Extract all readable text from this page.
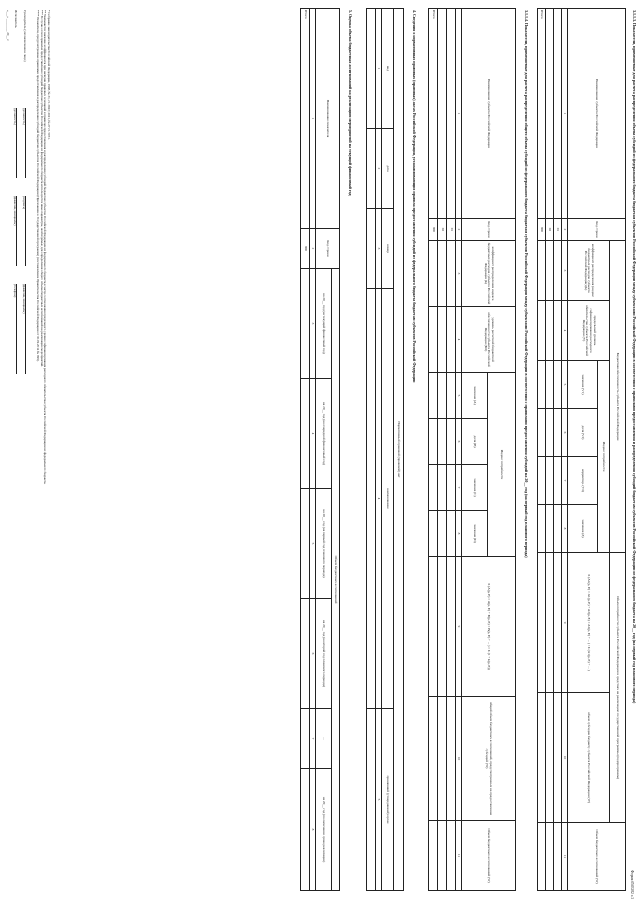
Форма 0503382 с.3
3.1.1.3. Показатели, применяемые для расчета распределения объема субсидий из федерального бюджета бюджетам субъектов Российской Федерации между субъектами Российской Федерации в соответствии с правилами предоставления и распределения субсидий бюджетам субъектов Российской Федерации из федерального бюджета на 20__ год (на первый год планового периода)
Наименование субъекта Российской Федерации	Код строки	Бюджетная обеспеченность субъекта Российской Федерации						Объем потребности субъекта Российской Федерации в средствах на реализацию государственной программы (подпрограммы)		Объем бюджетных ассигнований (W)
		коэффициент распределения (индекс бюджетных расходов субъекта Российской Федерации) (k)	предельный уровень софинансирования расходного обязательства субъекта Российской Федерации (Y)	Индекс потребности				Σ (A1(p, E) × A1(p, E) + A2(p, E) × A2(p, E) + ... ) / Σ (A1(p, E) + ... )	объем субсидии бюджету субъекта Российской Федерации (W)	
				значение (V1)	доля (V2)	корректир. (V3)	значение (Z)			
1	2	3	4	5	6	7	8	9	10	11
	01									
	02									
Итого	900									
3.1.1.4. Показатели, применяемые для расчета распределения общего объема субсидий из федерального бюджета бюджетам субъектов Российской Федерации между субъектами Российской Федерации в соответствии с правилами предоставления субсидий на 20__ год (на первый год планового периода)
Наименование субъекта Российской Федерации	Код строки	коэффициент распределения индекса бюджетных расходов субъекта Российской Федерации (k)	уровень расчетной бюджетной обеспеченности субъекта Российской Федерации (БО)	Индекс потребности				Σ (A(p, E) × A(p, E) + B(p, E) × B(p, E) + ... ) × Σ (1 + k(p, E))	общий объем бюджетных ассигнований, предусмотренных на предоставление субсидий (W)	Объем бюджетных ассигнований (W)

				значение (A)	доля (B)	значение (C)	значение (D)			
1	2	3	4	5	6	7	8	9	10	11
	01									
	02									
Итого	900									
4. Сведения о нормативных правовых (правовых) актах Российской Федерации, устанавливающих правила предоставления субсидий из федерального бюджета бюджетам субъектов Российской Федерации
Нормативный правовой (правовой) акт				
вид	дата	номер	наименование	принявший (утвердивший) орган
1	2	3	4	5

5. Оценка объема бюджетных ассигнований на реализацию мероприятий на текущий финансовый год
Наименование показателя	Код строки	Объем бюджетных ассигнований					
		на 20__ год (на текущий финансовый год)	на 20__ год (на очередной финансовый год)	на 20__ год (на первый год планового периода)	на 20__ год (на второй год планового периода)	...	на 20__ год (по окончании срока реализации)
1	2	3	4	5	6	7	8
Итого	900						
* Собрание законодательства Российской Федерации, 1998, № 31, ст. 3823; 2021, № 27 ст. 5051.
** Указывается значение коэффициента при наличии правовых оснований в правилах предоставления и распределения субсидий бюджетам субъектов Российской Федерации из федерального бюджета в части соотношения предельного уровня софинансирования расходного обязательства субъекта Российской Федерации из федерального бюджета.
*** В случае если в правилах предоставления субсидий бюджетам субъектов Российской Федерации из федерального бюджета используются иные параметры, необходимые для определения общего объема бюджетных ассигнований на реализацию мероприятий.
**** Показатели, предусмотренные правилами предоставления и распределения субсидий бюджетам субъектов Российской Федерации (Приложение к Государственной программе) (постановление Правительства Российской Федерации от 30.09.2014 № 999).
Руководитель (уполномоченное лицо)
(должность)
(подпись)
(фамилия, инициалы)
Исполнитель
(должность)
(фамилия, инициалы)
(телефон)
«___» ________ 20__ г.
